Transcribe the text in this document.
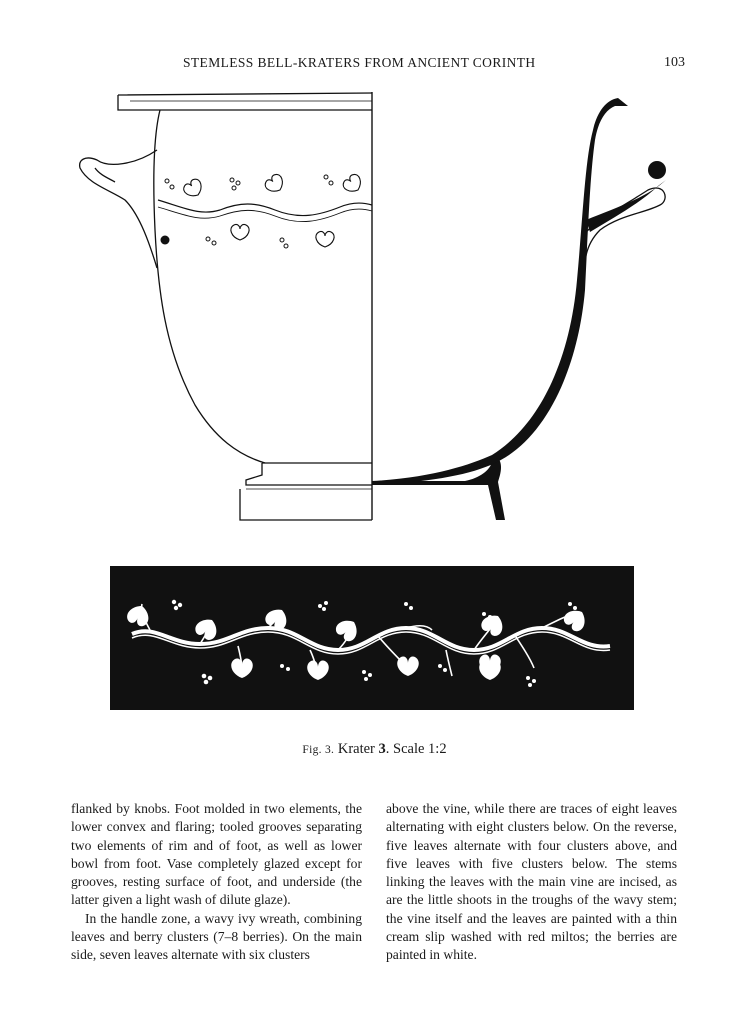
STEMLESS BELL-KRATERS FROM ANCIENT CORINTH	103
Fig. 3. Krater 3. Scale 1:2

flanked by knobs. Foot molded in two elements, the lower convex and flaring; tooled grooves separating two elements of rim and of foot, as well as lower bowl from foot. Vase completely glazed except for grooves, resting surface of foot, and underside (the latter given a light wash of dilute glaze).

In the handle zone, a wavy ivy wreath, combining leaves and berry clusters (7–8 berries). On the main side, seven leaves alternate with six clusters

above the vine, while there are traces of eight leaves alternating with eight clusters below. On the reverse, five leaves alternate with four clusters above, and five leaves with five clusters below. The stems linking the leaves with the main vine are incised, as are the little shoots in the troughs of the wavy stem; the vine itself and the leaves are painted with a thin cream slip washed with red miltos; the berries are painted in white.
